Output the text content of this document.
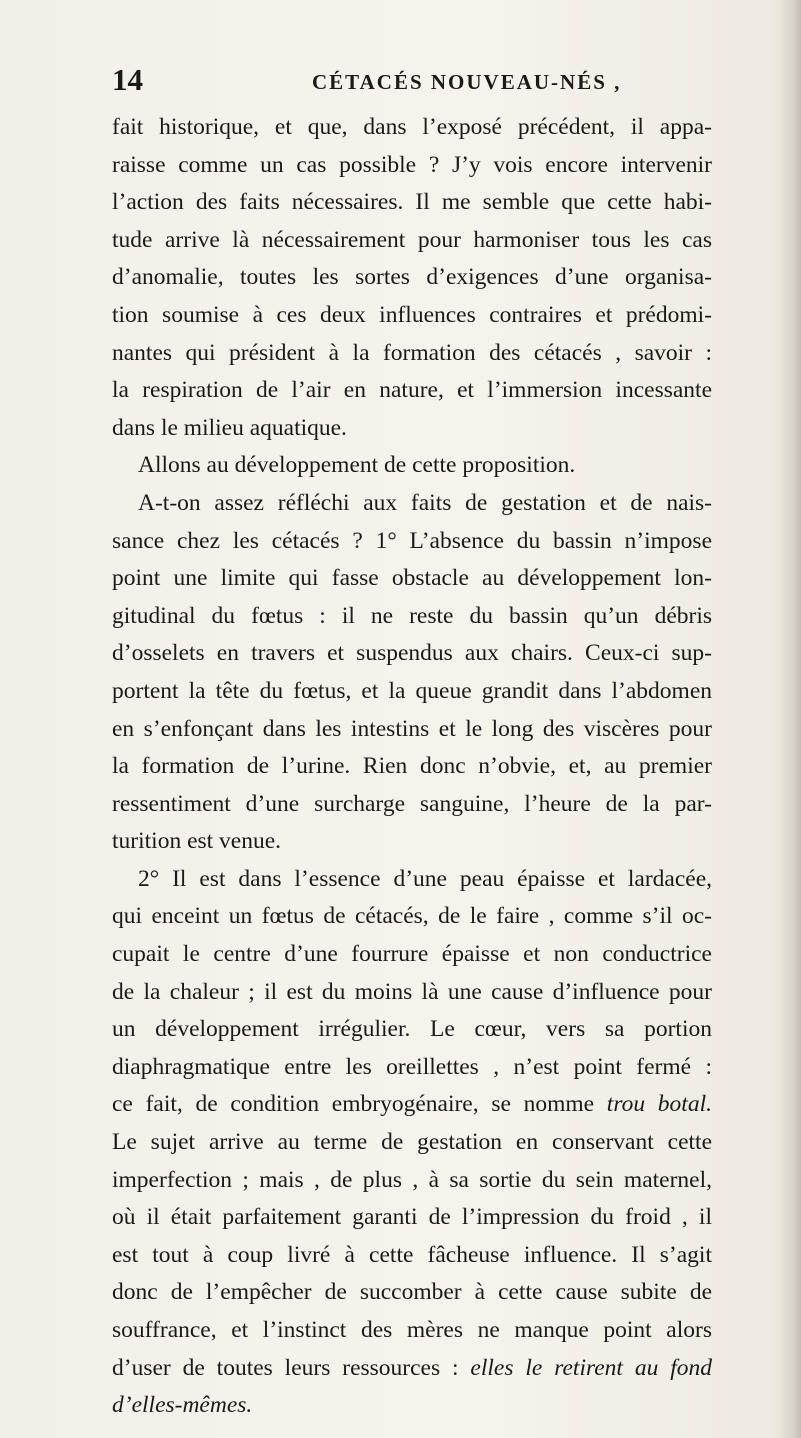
14	CÉTACÉS NOUVEAU-NÉS ,
fait historique, et que, dans l’exposé précédent, il appa-
raisse comme un cas possible ? J’y vois encore intervenir
l’action des faits nécessaires. Il me semble que cette habi-
tude arrive là nécessairement pour harmoniser tous les cas
d’anomalie, toutes les sortes d’exigences d’une organisa-
tion soumise à ces deux influences contraires et prédomi-
nantes qui président à la formation des cétacés , savoir :
la respiration de l’air en nature, et l’immersion incessante
dans le milieu aquatique.
Allons au développement de cette proposition.
A-t-on assez réfléchi aux faits de gestation et de nais-
sance chez les cétacés ? 1° L’absence du bassin n’impose
point une limite qui fasse obstacle au développement lon-
gitudinal du fœtus : il ne reste du bassin qu’un débris
d’osselets en travers et suspendus aux chairs. Ceux-ci sup-
portent la tête du fœtus, et la queue grandit dans l’abdomen
en s’enfonçant dans les intestins et le long des viscères pour
la formation de l’urine. Rien donc n’obvie, et, au premier
ressentiment d’une surcharge sanguine, l’heure de la par-
turition est venue.
2° Il est dans l’essence d’une peau épaisse et lardacée,
qui enceint un fœtus de cétacés, de le faire , comme s’il oc-
cupait le centre d’une fourrure épaisse et non conductrice
de la chaleur ; il est du moins là une cause d’influence pour
un développement irrégulier. Le cœur, vers sa portion
diaphragmatique entre les oreillettes , n’est point fermé :
ce fait, de condition embryogénaire, se nomme trou botal.
Le sujet arrive au terme de gestation en conservant cette
imperfection ; mais , de plus , à sa sortie du sein maternel,
où il était parfaitement garanti de l’impression du froid , il
est tout à coup livré à cette fâcheuse influence. Il s’agit
donc de l’empêcher de succomber à cette cause subite de
souffrance, et l’instinct des mères ne manque point alors
d’user de toutes leurs ressources : elles le retirent au fond
d’elles-mêmes.
